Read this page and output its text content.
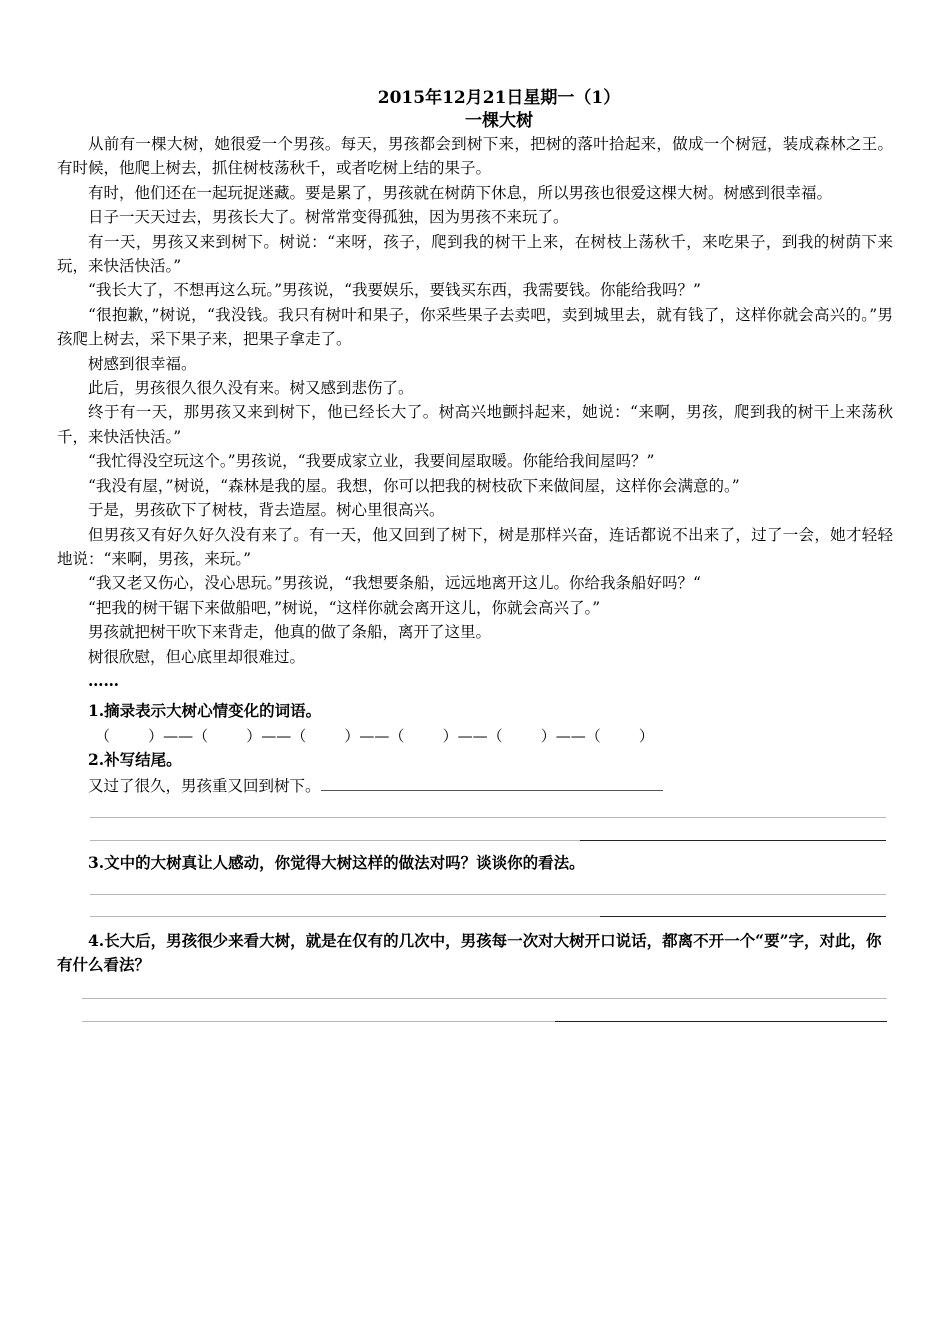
2015年12月21日星期一（1）
一棵大树

从前有一棵大树，她很爱一个男孩。每天，男孩都会到树下来，把树的落叶拾起来，做成一个树冠，装成森林之王。有时候，他爬上树去，抓住树枝荡秋千，或者吃树上结的果子。

有时，他们还在一起玩捉迷藏。要是累了，男孩就在树荫下休息，所以男孩也很爱这棵大树。树感到很幸福。

日子一天天过去，男孩长大了。树常常变得孤独，因为男孩不来玩了。

有一天，男孩又来到树下。树说：“来呀，孩子，爬到我的树干上来，在树枝上荡秋千，来吃果子，到我的树荫下来玩，来快活快活。”

“我长大了，不想再这么玩。”男孩说，“我要娱乐，要钱买东西，我需要钱。你能给我吗？”

“很抱歉，”树说，“我没钱。我只有树叶和果子，你采些果子去卖吧，卖到城里去，就有钱了，这样你就会高兴的。”男孩爬上树去，采下果子来，把果子拿走了。

树感到很幸福。

此后，男孩很久很久没有来。树又感到悲伤了。

终于有一天，那男孩又来到树下，他已经长大了。树高兴地颤抖起来，她说：“来啊，男孩，爬到我的树干上来荡秋千，来快活快活。”

“我忙得没空玩这个。”男孩说，“我要成家立业，我要间屋取暖。你能给我间屋吗？”

“我没有屋，”树说，“森林是我的屋。我想，你可以把我的树枝砍下来做间屋，这样你会满意的。”

于是，男孩砍下了树枝，背去造屋。树心里很高兴。

但男孩又有好久好久没有来了。有一天，他又回到了树下，树是那样兴奋，连话都说不出来了，过了一会，她才轻轻地说：“来啊，男孩，来玩。”

“我又老又伤心，没心思玩。”男孩说，“我想要条船，远远地离开这儿。你给我条船好吗？“

“把我的树干锯下来做船吧，”树说，“这样你就会离开这儿，你就会高兴了。”

男孩就把树干吹下来背走，他真的做了条船，离开了这里。

树很欣慰，但心底里却很难过。

……

1.摘录表示大树心情变化的词语。

（        ）——（        ）——（        ）——（        ）——（        ）——（        ）

2.补写结尾。

又过了很久，男孩重又回到树下。

3.文中的大树真让人感动，你觉得大树这样的做法对吗？谈谈你的看法。

4.长大后，男孩很少来看大树，就是在仅有的几次中，男孩每一次对大树开口说话，都离不开一个“要”字，对此，你有什么看法？
